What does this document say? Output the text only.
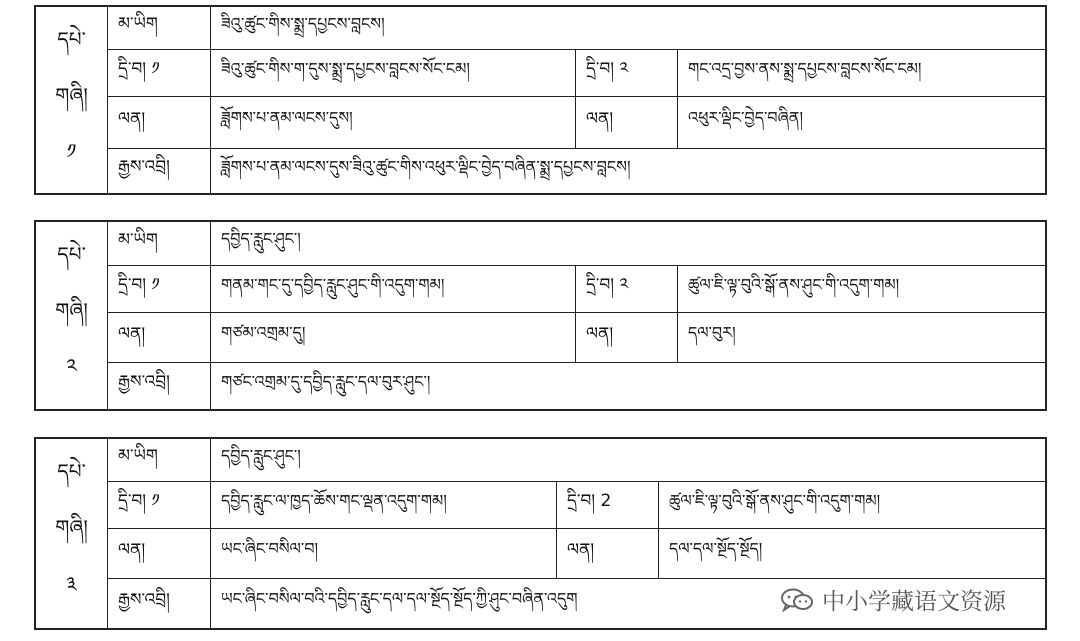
དཔེ་
གཞི།
༡
མ་ཡིག	ཟིའུ་ཚུང་གིས་སྨྲ་དཔྱངས་བླངས།
དྲི་བ། ༡	ཟིའུ་ཚུང་གིས་ག་དུས་སྨྲ་དཔྱངས་བླངས་སོང་ངམ།	དྲི་བ། ༢	གང་འདྲ་བྱས་ནས་སྨྲ་དཔྱངས་བླངས་སོང་ངམ།
ལན།	ཟློགས་པ་ནམ་ལངས་དུས།	ལན།	འཕུར་ལྡིང་བྱེད་བཞིན།
རྒྱས་འབྲི།	ཟློགས་པ་ནམ་ལངས་དུས་ཟིའུ་ཚུང་གིས་འཕུར་ལྡིང་བྱེད་བཞིན་སྨྲ་དཔྱངས་བླངས།
དཔེ་
གཞི།
༢
མ་ཡིག	དབྱིད་རླུང་ཤུང་།
དྲི་བ། ༡	གནམ་གང་དུ་དབྱིད་རླུང་ཤུང་གི་འདུག་གམ།	དྲི་བ། ༢	ཚུལ་ཇི་ལྟ་བུའི་སྒོ་ནས་ཤུང་གི་འདུག་གམ།
ལན།	གཙམ་འགྲམ་དུ།	ལན།	དལ་བུར།
རྒྱས་འབྲི།	གཙང་འགྲམ་དུ་དབྱིད་རླུང་དལ་བུར་ཤུང་།
དཔེ་
གཞི།
༣
མ་ཡིག	དབྱིད་རླུང་ཤུང་།
དྲི་བ། ༡	དབྱིད་རླུང་ལ་ཁྱད་ཆོས་གང་ལྡན་འདུག་གམ།	དྲི་བ། 2	ཚུལ་ཇི་ལྟ་བུའི་སྒོ་ནས་ཤུང་གི་འདུག་གམ།
ལན།	ཡང་ཞིང་བསིལ་བ།	ལན།	དལ་དལ་སྔོད་སྔོད།
རྒྱས་འབྲི།	ཡང་ཞིང་བསིལ་བའི་དབྱིད་རླུང་དལ་དལ་སྔོད་སྔོད་ཀྱི་ཤུང་བཞིན་འདུག	中小学藏语文资源
